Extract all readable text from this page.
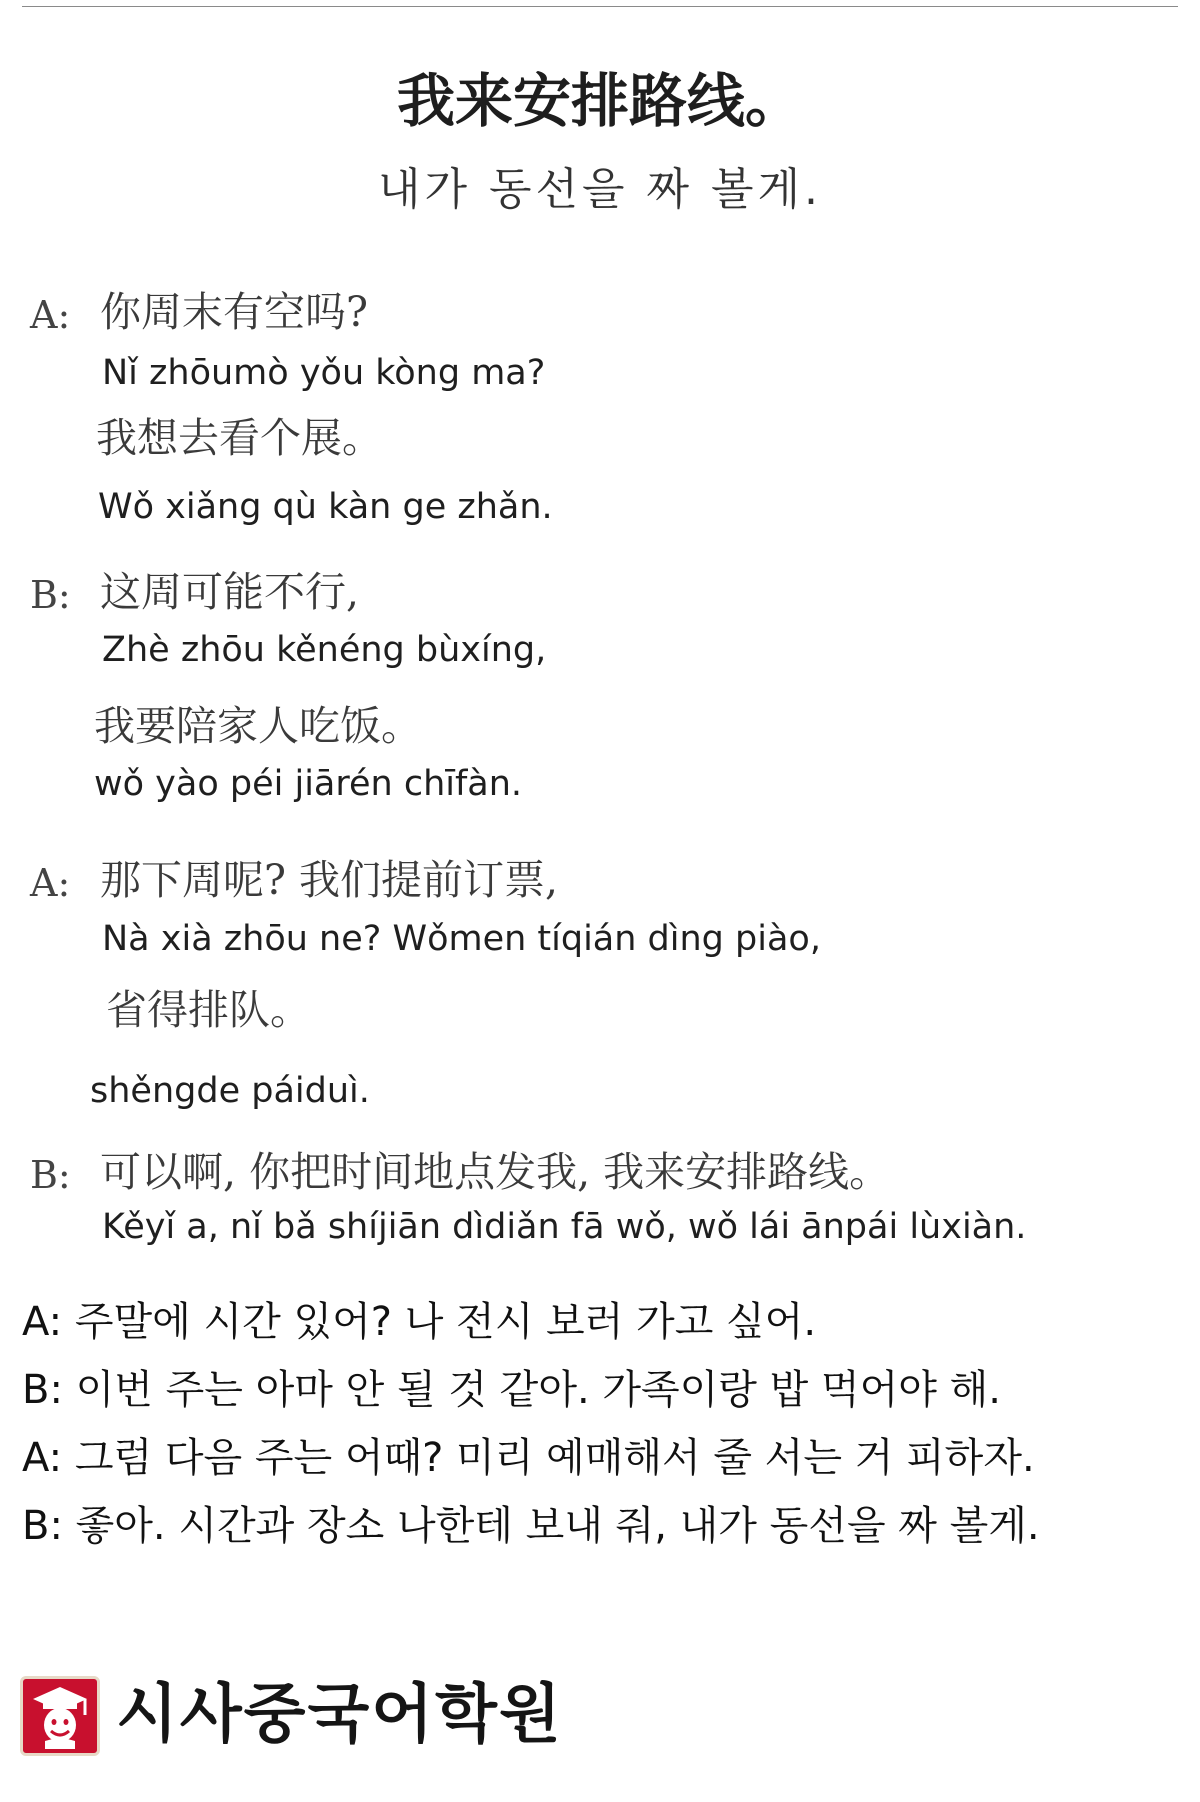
我来安排路线。
내가 동선을 짜 볼게.
A: 你周末有空吗?
Nǐ zhōumò yǒu kòng ma?
我想去看个展。
Wǒ xiǎng qù kàn ge zhǎn.
B: 这周可能不行,
Zhè zhōu kěnéng bùxíng,
我要陪家人吃饭。
wǒ yào péi jiārén chīfàn.
A: 那下周呢? 我们提前订票,
Nà xià zhōu ne? Wǒmen tíqián dìng piào,
省得排队。
shěngde páiduì.
B: 可以啊, 你把时间地点发我, 我来安排路线。
Kěyǐ a, nǐ bǎ shíjiān dìdiǎn fā wǒ, wǒ lái ānpái lùxiàn.
A: 주말에 시간 있어? 나 전시 보러 가고 싶어.
B: 이번 주는 아마 안 될 것 같아. 가족이랑 밥 먹어야 해.
A: 그럼 다음 주는 어때? 미리 예매해서 줄 서는 거 피하자.
B: 좋아. 시간과 장소 나한테 보내 줘, 내가 동선을 짜 볼게.
시사중국어학원
